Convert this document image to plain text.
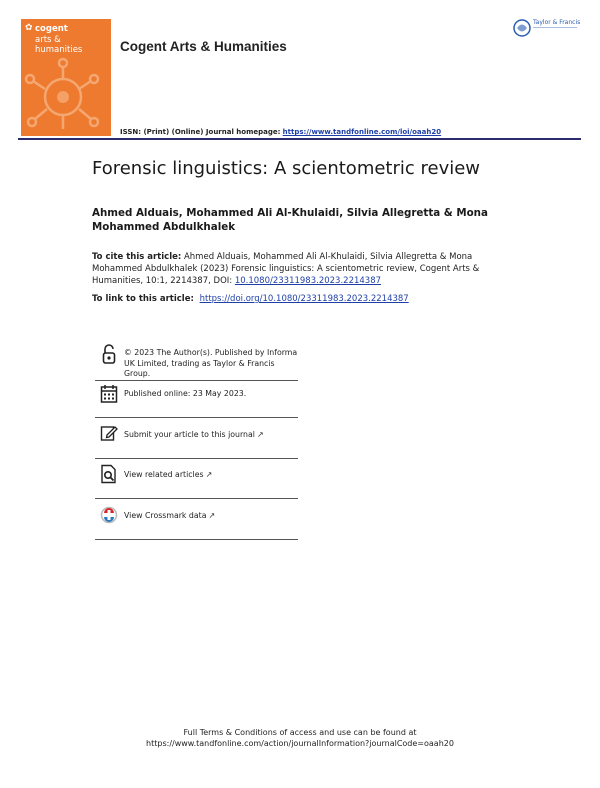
✿ cogent
arts &
humanities	Cogent Arts & Humanities
Taylor & Francis
ISSN: (Print) (Online) Journal homepage: https://www.tandfonline.com/loi/oaah20
Forensic linguistics: A scientometric review
Ahmed Alduais, Mohammed Ali Al-Khulaidi, Silvia Allegretta & Mona Mohammed Abdulkhalek
To cite this article: Ahmed Alduais, Mohammed Ali Al-Khulaidi, Silvia Allegretta & Mona Mohammed Abdulkhalek (2023) Forensic linguistics: A scientometric review, Cogent Arts & Humanities, 10:1, 2214387, DOI: 10.1080/23311983.2023.2214387
To link to this article: https://doi.org/10.1080/23311983.2023.2214387
© 2023 The Author(s). Published by Informa UK Limited, trading as Taylor & Francis Group.
Published online: 23 May 2023.
Submit your article to this journal ↗
View related articles ↗
View Crossmark data ↗
Full Terms & Conditions of access and use can be found at
https://www.tandfonline.com/action/journalInformation?journalCode=oaah20
